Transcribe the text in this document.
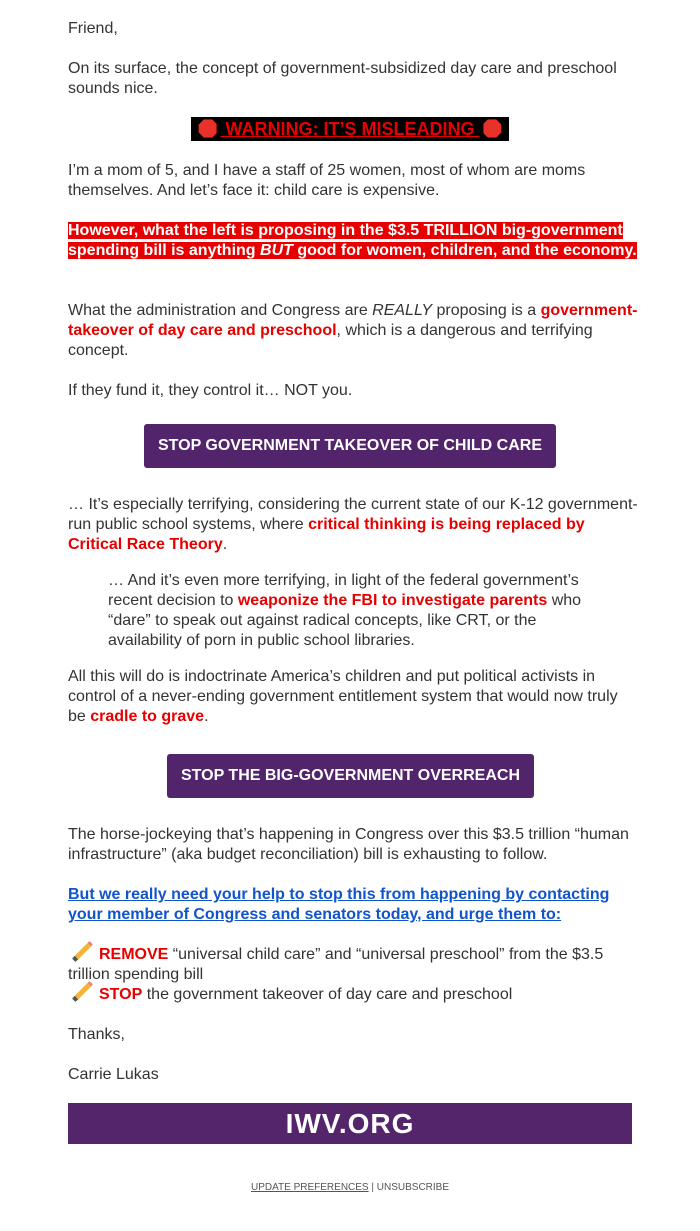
Friend,

On its surface, the concept of government-subsidized day care and preschool sounds nice.

WARNING: IT’S MISLEADING

I’m a mom of 5, and I have a staff of 25 women, most of whom are moms themselves. And let’s face it: child care is expensive.

However, what the left is proposing in the $3.5 TRILLION big-government spending bill is anything BUT good for women, children, and the economy.

What the administration and Congress are REALLY proposing is a government-takeover of day care and preschool, which is a dangerous and terrifying concept.

If they fund it, they control it… NOT you.

STOP GOVERNMENT TAKEOVER OF CHILD CARE

… It’s especially terrifying, considering the current state of our K-12 government-run public school systems, where critical thinking is being replaced by Critical Race Theory.

… And it’s even more terrifying, in light of the federal government’s recent decision to weaponize the FBI to investigate parents who “dare” to speak out against radical concepts, like CRT, or the availability of porn in public school libraries.

All this will do is indoctrinate America’s children and put political activists in control of a never-ending government entitlement system that would now truly be cradle to grave.

STOP THE BIG-GOVERNMENT OVERREACH

The horse-jockeying that’s happening in Congress over this $3.5 trillion “human infrastructure” (aka budget reconciliation) bill is exhausting to follow.

But we really need your help to stop this from happening by contacting your member of Congress and senators today, and urge them to:

REMOVE “universal child care” and “universal preschool” from the $3.5 trillion spending bill

STOP the government takeover of day care and preschool

Thanks,

Carrie Lukas

IWV.ORG
UPDATE PREFERENCES | UNSUBSCRIBE
